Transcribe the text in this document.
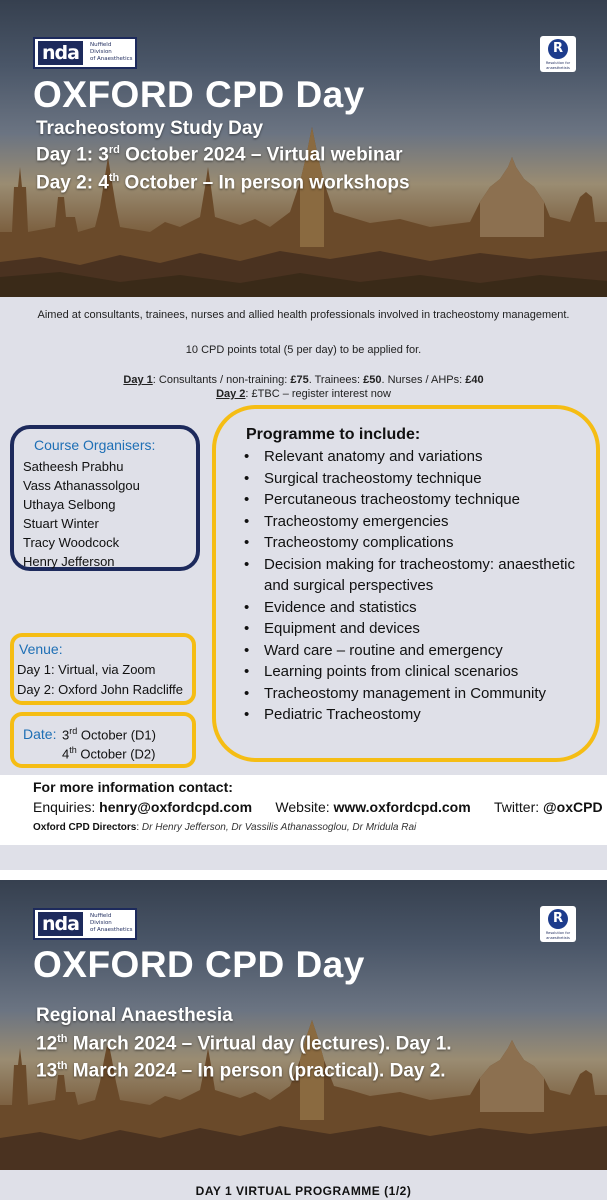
nda	Nuffield
Division
of Anaesthetics
R
Resolution for anaesthetists
OXFORD CPD Day
Tracheostomy Study Day
Day 1: 3rd October 2024 – Virtual webinar
Day 2: 4th October – In person workshops
Aimed at consultants, trainees, nurses and allied health professionals involved in tracheostomy management.
10 CPD points total (5 per day) to be applied for.
Day 1: Consultants / non-training: £75. Trainees: £50. Nurses / AHPs: £40
Day 2: £TBC – register interest now
Course Organisers:
Satheesh Prabhu
Vass Athanassolgou
Uthaya Selbong
Stuart Winter
Tracy Woodcock
Henry Jefferson
Programme to include:
• Relevant anatomy and variations
• Surgical tracheostomy technique
• Percutaneous tracheostomy technique
• Tracheostomy emergencies
• Tracheostomy complications
• Decision making for tracheostomy: anaesthetic and surgical perspectives
• Evidence and statistics
• Equipment and devices
• Ward care – routine and emergency
• Learning points from clinical scenarios
• Tracheostomy management in Community
• Pediatric Tracheostomy
Venue:
Day 1: Virtual, via Zoom
Day 2: Oxford John Radcliffe
Date: 3rd October (D1)
4th October (D2)
For more information contact:
Enquiries: henry@oxfordcpd.com Website: www.oxfordcpd.com Twitter: @oxCPD
Oxford CPD Directors: Dr Henry Jefferson, Dr Vassilis Athanassoglou, Dr Mridula Rai
nda	Nuffield
Division
of Anaesthetics
R
Resolution for anaesthetists
OXFORD CPD Day
Regional Anaesthesia
12th March 2024 – Virtual day (lectures). Day 1.
13th March 2024 – In person (practical). Day 2.
DAY 1 VIRTUAL PROGRAMME (1/2)
